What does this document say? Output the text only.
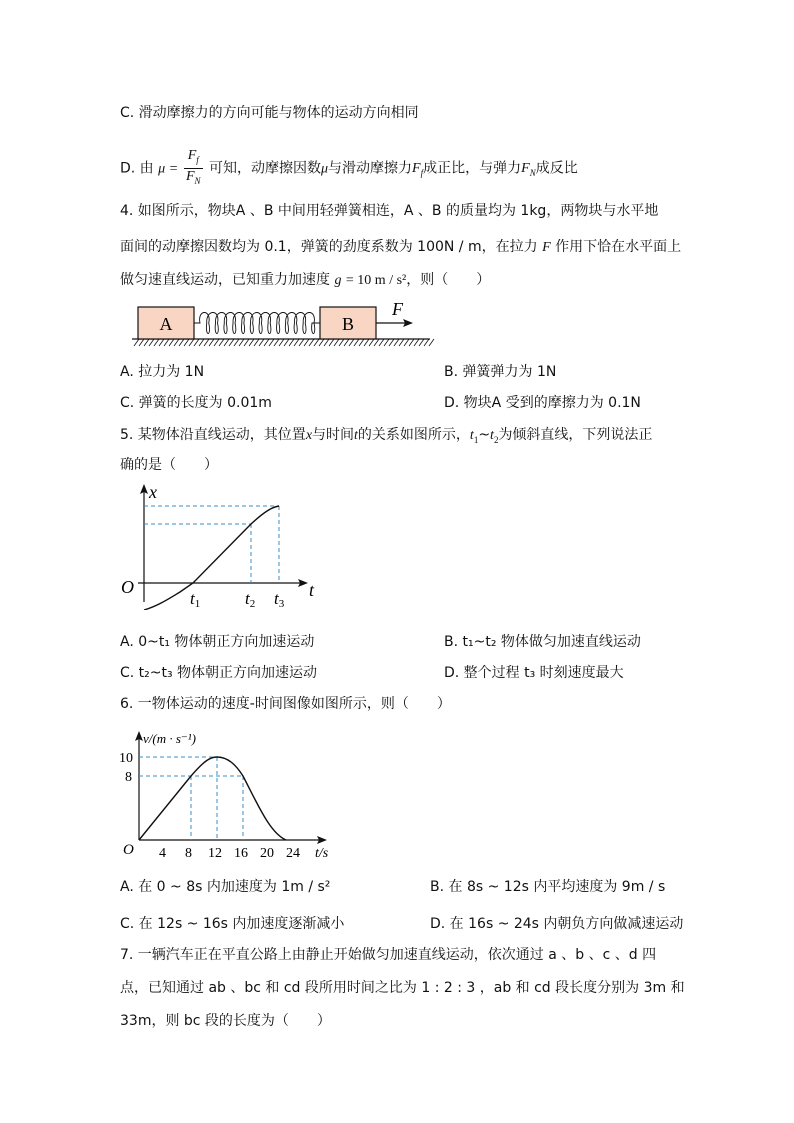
C. 滑动摩擦力的方向可能与物体的运动方向相同
D. 由 $\mu = \frac{F_f}{F_N}$ 可知，动摩擦因数μ与滑动摩擦力$F_f$成正比，与弹力$F_N$成反比
4. 如图所示，物块A 、B 中间用轻弹簧相连，A 、B 的质量均为 1kg，两物块与水平地
面间的动摩擦因数均为 0.1，弹簧的劲度系数为 100N / m，在拉力 F 作用下恰在水平面上
做匀速直线运动，已知重力加速度 g = 10 m / s²，则（　　）
A	B
F
A. 拉力为 1N	B. 弹簧弹力为 1N
C. 弹簧的长度为 0.01m	D. 物块A 受到的摩擦力为 0.1N
5. 某物体沿直线运动，其位置x与时间t的关系如图所示，$t_1\sim t_2$为倾斜直线，下列说法正
确的是（　　）
x
t
O
t1	t2 t3
A. 0~t₁ 物体朝正方向加速运动	B. t₁~t₂ 物体做匀加速直线运动
C. t₂~t₃ 物体朝正方向加速运动	D. 整个过程 t₃ 时刻速度最大
6. 一物体运动的速度-时间图像如图所示，则（　　）
v/(m · s⁻¹)
t/s
O
10
8
4 8 12 16 20 24
A. 在 0 ~ 8s 内加速度为 1m / s²	B. 在 8s ~ 12s 内平均速度为 9m / s
C. 在 12s ~ 16s 内加速度逐渐减小	D. 在 16s ~ 24s 内朝负方向做减速运动
7. 一辆汽车正在平直公路上由静止开始做匀加速直线运动，依次通过 a 、b 、c 、d 四
点，已知通过 ab 、bc 和 cd 段所用时间之比为 1 : 2 : 3 ，ab 和 cd 段长度分别为 3m 和
33m，则 bc 段的长度为（　　）
